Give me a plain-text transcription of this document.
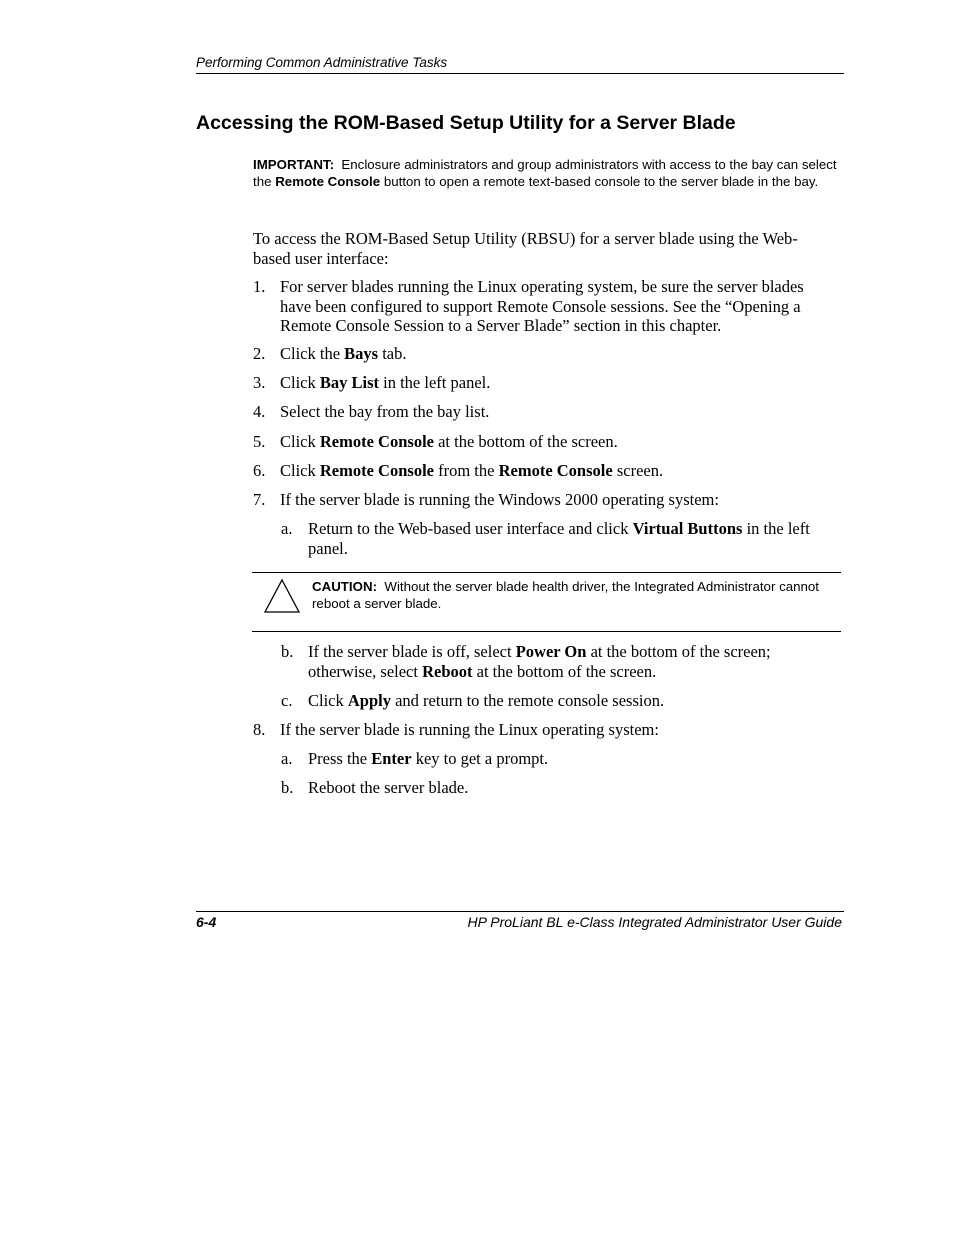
Performing Common Administrative Tasks
Accessing the ROM-Based Setup Utility for a Server Blade
IMPORTANT: Enclosure administrators and group administrators with access to the bay can select the Remote Console button to open a remote text-based console to the server blade in the bay.
To access the ROM-Based Setup Utility (RBSU) for a server blade using the Web-based user interface:
1. For server blades running the Linux operating system, be sure the server blades have been configured to support Remote Console sessions. See the “Opening a Remote Console Session to a Server Blade” section in this chapter.
2. Click the Bays tab.
3. Click Bay List in the left panel.
4. Select the bay from the bay list.
5. Click Remote Console at the bottom of the screen.
6. Click Remote Console from the Remote Console screen.
7. If the server blade is running the Windows 2000 operating system:
a. Return to the Web-based user interface and click Virtual Buttons in the left panel.
CAUTION: Without the server blade health driver, the Integrated Administrator cannot reboot a server blade.
b. If the server blade is off, select Power On at the bottom of the screen; otherwise, select Reboot at the bottom of the screen.
c. Click Apply and return to the remote console session.
8. If the server blade is running the Linux operating system:
a. Press the Enter key to get a prompt.
b. Reboot the server blade.
6-4	HP ProLiant BL e-Class Integrated Administrator User Guide
